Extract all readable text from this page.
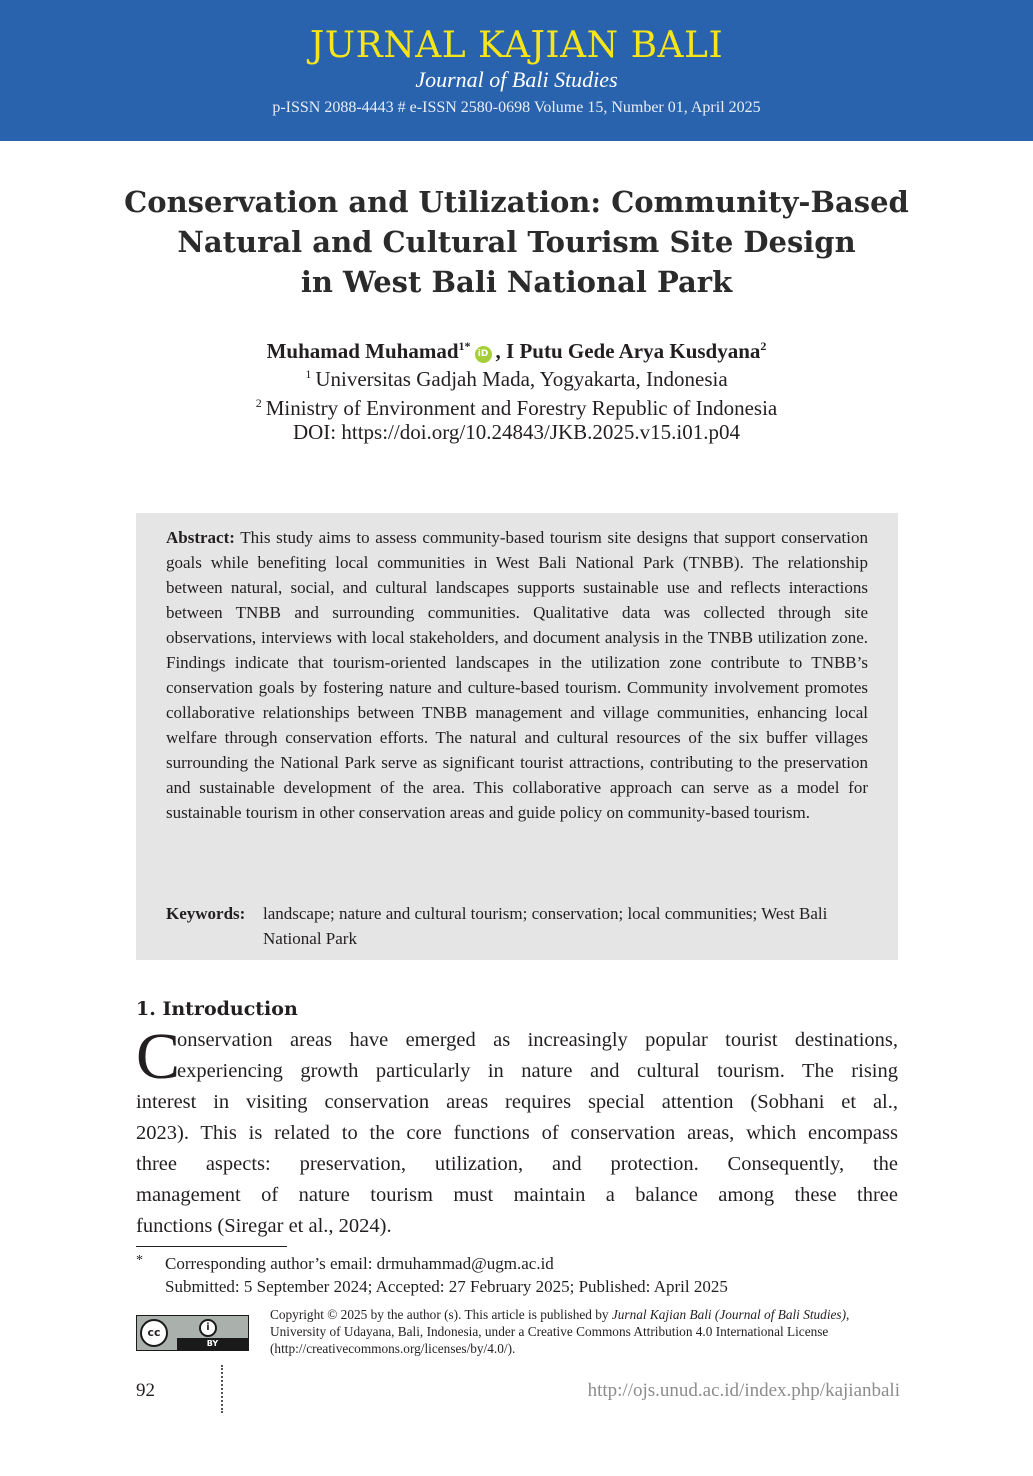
JURNAL KAJIAN BALI
Journal of Bali Studies
p-ISSN 2088-4443 # e-ISSN 2580-0698 Volume 15, Number 01, April 2025
Conservation and Utilization: Community-Based
Natural and Cultural Tourism Site Design
in West Bali National Park
Muhamad Muhamad$^{1*}$iD , I Putu Gede Arya Kusdyana$^2$
$^1$ Universitas Gadjah Mada, Yogyakarta, Indonesia
$^2$ Ministry of Environment and Forestry Republic of Indonesia
DOI: https://doi.org/10.24843/JKB.2025.v15.i01.p04
Abstract: This study aims to assess community-based tourism site designs that support conservation goals while benefiting local communities in West Bali National Park (TNBB). The relationship between natural, social, and cultural landscapes supports sustainable use and reflects interactions between TNBB and surrounding communities. Qualitative data was collected through site observations, interviews with local stakeholders, and document analysis in the TNBB utilization zone. Findings indicate that tourism-oriented landscapes in the utilization zone contribute to TNBB’s conservation goals by fostering nature and culture-based tourism. Community involvement promotes collaborative relationships between TNBB management and village communities, enhancing local welfare through conservation efforts. The natural and cultural resources of the six buffer villages surrounding the National Park serve as significant tourist attractions, contributing to the preservation and sustainable development of the area. This collaborative approach can serve as a model for sustainable tourism in other conservation areas and guide policy on community-based tourism.
Keywords: landscape; nature and cultural tourism; conservation; local communities; West Bali National Park
1. Introduction
C
onservation areas have emerged as increasingly popular tourist destinations,
experiencing growth particularly in nature and cultural tourism. The rising
interest in visiting conservation areas requires special attention (Sobhani et al.,
2023). This is related to the core functions of conservation areas, which encompass
three aspects: preservation, utilization, and protection. Consequently, the
management of nature tourism must maintain a balance among these three
functions (Siregar et al., 2024).
* Corresponding author’s email: drmuhammad@ugm.ac.id
Submitted: 5 September 2024; Accepted: 27 February 2025; Published: April 2025
cc	i
BY
Copyright © 2025 by the author (s). This article is published by Jurnal Kajian Bali (Journal of Bali Studies),
University of Udayana, Bali, Indonesia, under a Creative Commons Attribution 4.0 International License
(http://creativecommons.org/licenses/by/4.0/).
92	http://ojs.unud.ac.id/index.php/kajianbali
